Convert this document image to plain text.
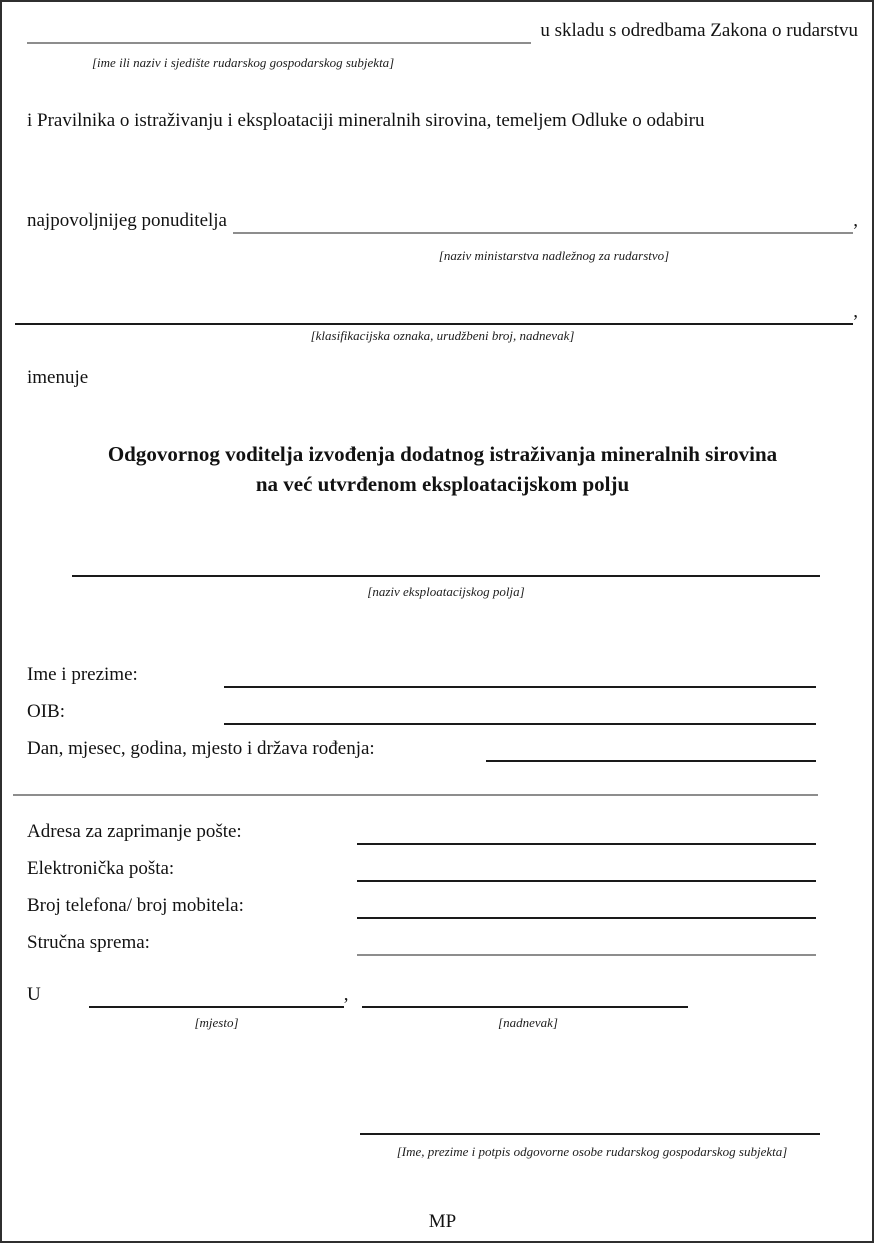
u skladu s odredbama Zakona o rudarstvu
[ime ili naziv i sjedište rudarskog gospodarskog subjekta]
i Pravilnika o istraživanju i eksploataciji mineralnih sirovina, temeljem Odluke o odabiru
najpovoljnijeg ponuditelja	,
[naziv ministarstva nadležnog za rudarstvo]
,
[klasifikacijska oznaka, urudžbeni broj, nadnevak]
imenuje
Odgovornog voditelja izvođenja dodatnog istraživanja mineralnih sirovina
na već utvrđenom eksploatacijskom polju
[naziv eksploatacijskog polja]
Ime i prezime:
OIB:
Dan, mjesec, godina, mjesto i država rođenja:
Adresa za zaprimanje pošte:
Elektronička pošta:
Broj telefona/ broj mobitela:
Stručna sprema:
U	,
[mjesto]	[nadnevak]
[Ime, prezime i potpis odgovorne osobe rudarskog gospodarskog subjekta]
MP
